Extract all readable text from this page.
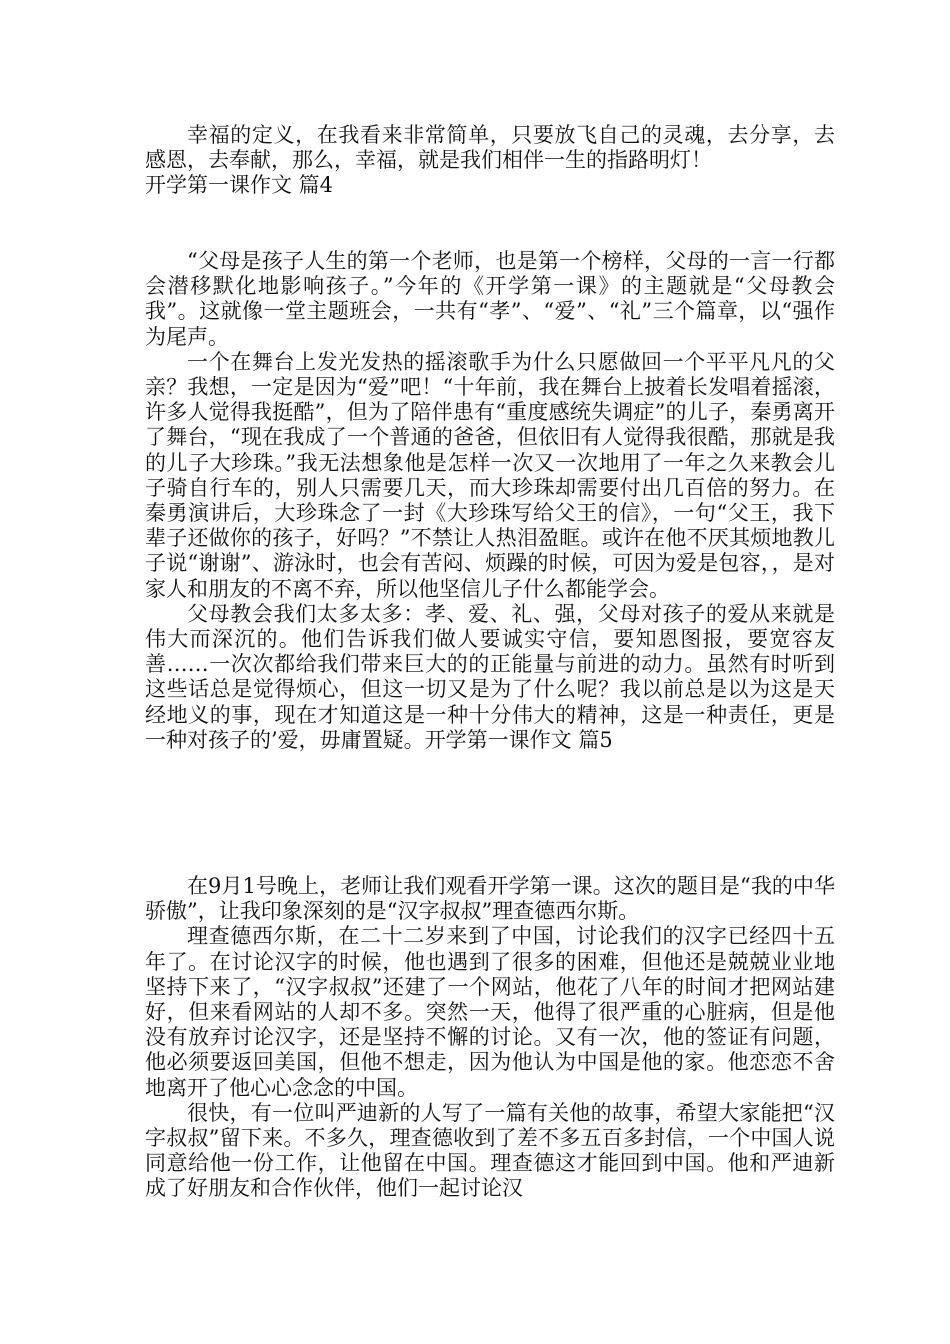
幸福的定义，在我看来非常简单，只要放飞自己的灵魂，去分享，去感恩，去奉献，那么，幸福，就是我们相伴一生的指路明灯！

开学第一课作文 篇4

“父母是孩子人生的第一个老师，也是第一个榜样，父母的一言一行都会潜移默化地影响孩子。”今年的《开学第一课》的主题就是“父母教会我”。这就像一堂主题班会，一共有“孝”、“爱”、“礼”三个篇章，以“强作为尾声。

一个在舞台上发光发热的摇滚歌手为什么只愿做回一个平平凡凡的父亲？我想，一定是因为“爱”吧！“十年前，我在舞台上披着长发唱着摇滚，许多人觉得我挺酷”，但为了陪伴患有“重度感统失调症”的儿子，秦勇离开了舞台，“现在我成了一个普通的爸爸，但依旧有人觉得我很酷，那就是我的儿子大珍珠。”我无法想象他是怎样一次又一次地用了一年之久来教会儿子骑自行车的，别人只需要几天，而大珍珠却需要付出几百倍的努力。在秦勇演讲后，大珍珠念了一封《大珍珠写给父王的信》，一句“父王，我下辈子还做你的孩子，好吗？”不禁让人热泪盈眶。或许在他不厌其烦地教儿子说“谢谢”、游泳时，也会有苦闷、烦躁的时候，可因为爱是包容，，是对家人和朋友的不离不弃，所以他坚信儿子什么都能学会。

父母教会我们太多太多：孝、爱、礼、强，父母对孩子的爱从来就是伟大而深沉的。他们告诉我们做人要诚实守信，要知恩图报，要宽容友善……一次次都给我们带来巨大的的正能量与前进的动力。虽然有时听到这些话总是觉得烦心，但这一切又是为了什么呢？我以前总是以为这是天经地义的事，现在才知道这是一种十分伟大的精神，这是一种责任，更是一种对孩子的’爱，毋庸置疑。开学第一课作文 篇5

在9月1号晚上，老师让我们观看开学第一课。这次的题目是“我的中华骄傲”，让我印象深刻的是“汉字叔叔”理查德西尔斯。

理查德西尔斯，在二十二岁来到了中国，讨论我们的汉字已经四十五年了。在讨论汉字的时候，他也遇到了很多的困难，但他还是兢兢业业地坚持下来了，“汉字叔叔”还建了一个网站，他花了八年的时间才把网站建好，但来看网站的人却不多。突然一天，他得了很严重的心脏病，但是他没有放弃讨论汉字，还是坚持不懈的讨论。又有一次，他的签证有问题，他必须要返回美国，但他不想走，因为他认为中国是他的家。他恋恋不舍地离开了他心心念念的中国。

很快，有一位叫严迪新的人写了一篇有关他的故事，希望大家能把“汉字叔叔”留下来。不多久，理查德收到了差不多五百多封信，一个中国人说同意给他一份工作，让他留在中国。理查德这才能回到中国。他和严迪新成了好朋友和合作伙伴，他们一起讨论汉
